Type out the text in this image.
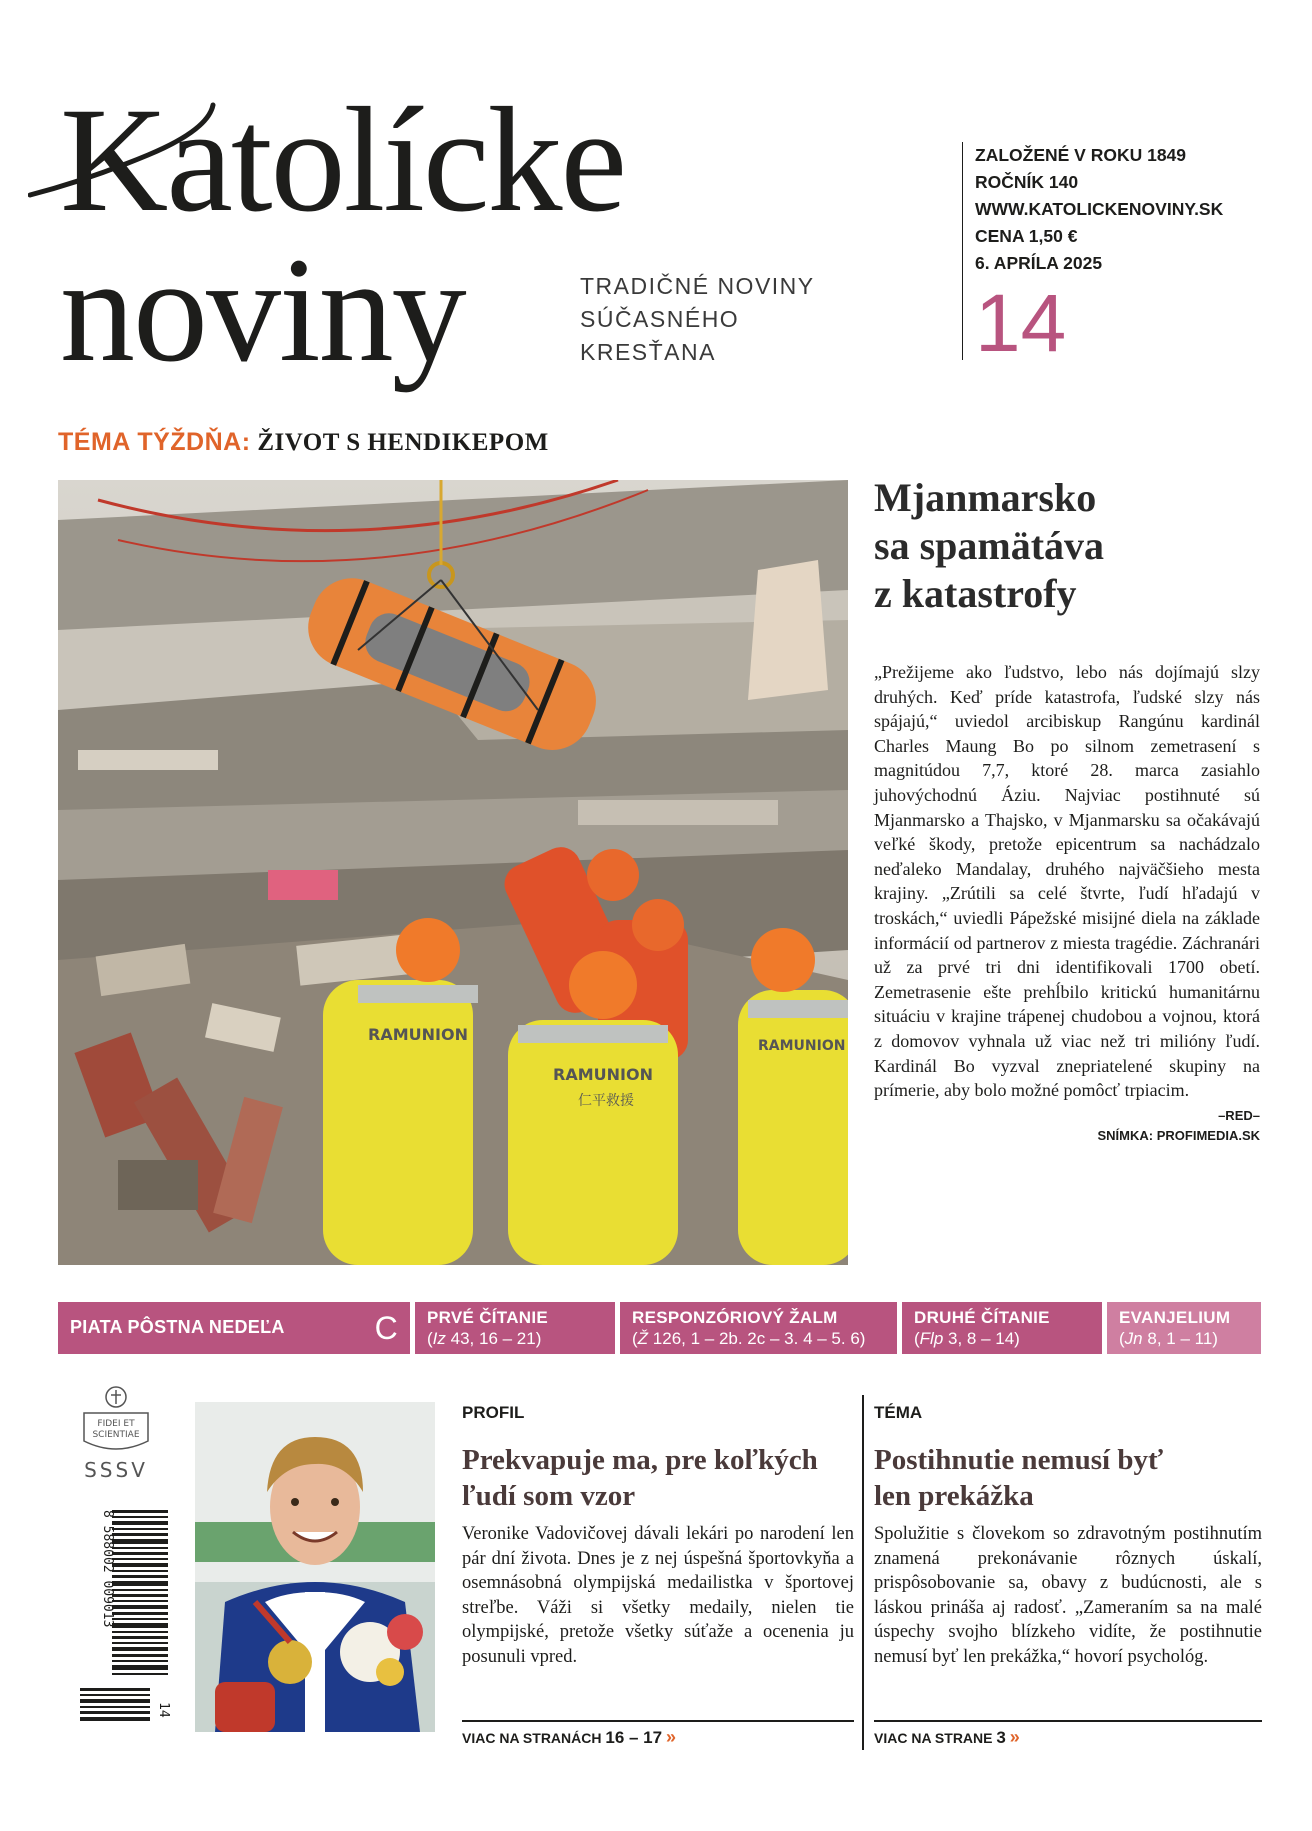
Katolícke
noviny	TRADIČNÉ NOVINY
SÚČASNÉHO
KRESŤANA
ZALOŽENÉ V ROKU 1849
ROČNÍK 140
WWW.KATOLICKENOVINY.SK
CENA 1,50 €
6. APRÍLA 2025
14
TÉMA TÝŽDŇA: ŽIVOT S HENDIKEPOM
RAMUNION
RAMUNION
仁平救援
RAMUNION
Mjanmarsko
sa spamätáva
z katastrofy
„Prežijeme ako ľudstvo, lebo nás dojímajú slzy druhých. Keď príde katastrofa, ľudské slzy nás spájajú,“ uviedol arcibiskup Rangúnu kardinál Charles Maung Bo po silnom zemetrasení s magnitúdou 7,7, ktoré 28. marca zasiahlo juhovýchodnú Áziu. Najviac postihnuté sú Mjanmarsko a Thajsko, v Mjanmarsku sa očakávajú veľké škody, pretože epicentrum sa nachádzalo neďaleko Mandalay, druhého najväčšieho mesta krajiny. „Zrútili sa celé štvrte, ľudí hľadajú v troskách,“ uviedli Pápežské misijné diela na základe informácií od partnerov z miesta tragédie. Záchranári už za prvé tri dni identifikovali 1700 obetí. Zemetrasenie ešte prehĺbilo kritickú humanitárnu situáciu v krajine trápenej chudobou a vojnou, ktorá z domovov vyhnala už viac než tri milióny ľudí. Kardinál Bo vyzval znepriatelené skupiny na prímerie, aby bolo možné pomôcť trpiacim.
–RED–
SNÍMKA: PROFIMEDIA.SK
PIATA PÔSTNA NEDEĽA	C PRVÉ ČÍTANIE
(Iz 43, 16 – 21)
RESPONZÓRIOVÝ ŽALM
(Ž 126, 1 – 2b. 2c – 3. 4 – 5. 6)
DRUHÉ ČÍTANIE
(Flp 3, 8 – 14)
EVANJELIUM
(Jn 8, 1 – 11)
FIDEI ET
SCIENTIAE
SSSV
8 588002 009013
14
PROFIL
Prekvapuje ma, pre koľkých
ľudí som vzor
Veronike Vadovičovej dávali lekári po narodení len pár dní života. Dnes je z nej úspešná športovkyňa a osemnásobná olympijská medailistka v športovej streľbe. Váži si všetky medaily, nielen tie olympijské, pretože všetky súťaže a ocenenia ju posunuli vpred.
VIAC NA STRANÁCH 16 – 17 »
TÉMA
Postihnutie nemusí byť
len prekážka
Spolužitie s človekom so zdravotným postihnutím znamená prekonávanie rôznych úskalí, prispôsobovanie sa, obavy z budúcnosti, ale s láskou prináša aj radosť. „Zameraním sa na malé úspechy svojho blízkeho vidíte, že postihnutie nemusí byť len prekážka,“ hovorí psychológ.
VIAC NA STRANE 3 »
